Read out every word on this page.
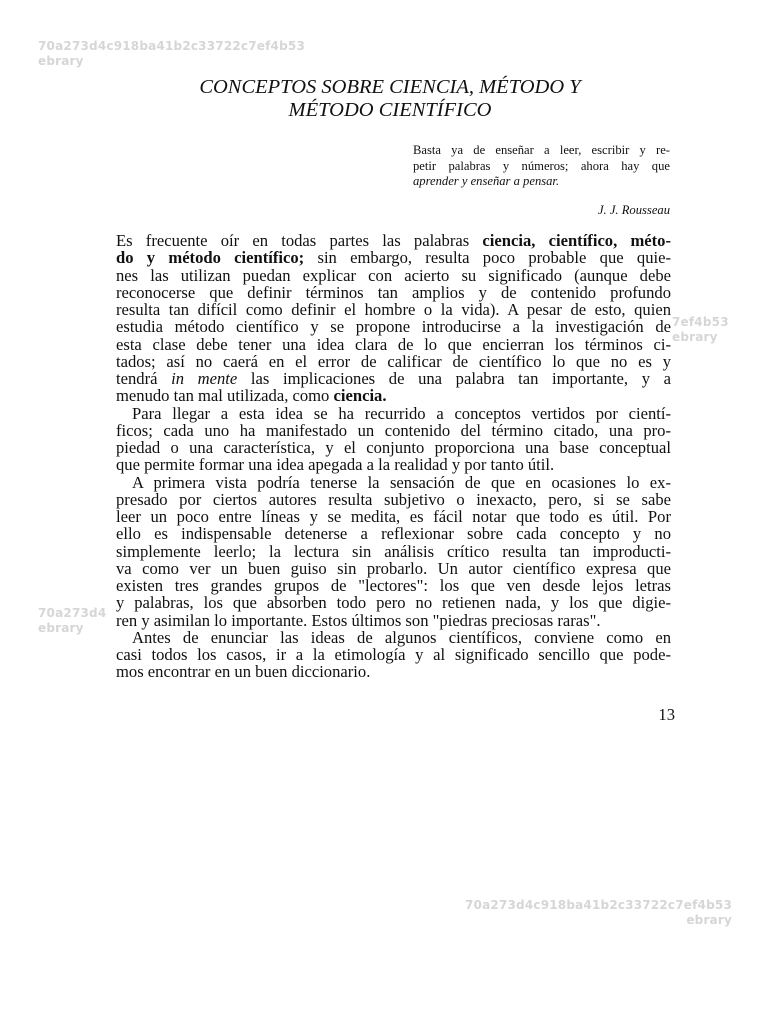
70a273d4c918ba41b2c33722c7ef4b53
ebrary
7ef4b53
ebrary
70a273d4
ebrary
70a273d4c918ba41b2c33722c7ef4b53
ebrary
CONCEPTOS SOBRE CIENCIA, MÉTODO Y
MÉTODO CIENTÍFICO
Basta ya de enseñar a leer, escribir y re-
petir palabras y números; ahora hay que
aprender y enseñar a pensar.
J. J. Rousseau
Es frecuente oír en todas partes las palabras ciencia, científico, méto-
do y método científico; sin embargo, resulta poco probable que quie-
nes las utilizan puedan explicar con acierto su significado (aunque debe
reconocerse que definir términos tan amplios y de contenido profundo
resulta tan difícil como definir el hombre o la vida). A pesar de esto, quien
estudia método científico y se propone introducirse a la investigación de
esta clase debe tener una idea clara de lo que encierran los términos ci-
tados; así no caerá en el error de calificar de científico lo que no es y
tendrá in mente las implicaciones de una palabra tan importante, y a
menudo tan mal utilizada, como ciencia.
Para llegar a esta idea se ha recurrido a conceptos vertidos por cientí-
ficos; cada uno ha manifestado un contenido del término citado, una pro-
piedad o una característica, y el conjunto proporciona una base conceptual
que permite formar una idea apegada a la realidad y por tanto útil.
A primera vista podría tenerse la sensación de que en ocasiones lo ex-
presado por ciertos autores resulta subjetivo o inexacto, pero, si se sabe
leer un poco entre líneas y se medita, es fácil notar que todo es útil. Por
ello es indispensable detenerse a reflexionar sobre cada concepto y no
simplemente leerlo; la lectura sin análisis crítico resulta tan improducti-
va como ver un buen guiso sin probarlo. Un autor científico expresa que
existen tres grandes grupos de "lectores": los que ven desde lejos letras
y palabras, los que absorben todo pero no retienen nada, y los que digie-
ren y asimilan lo importante. Estos últimos son "piedras preciosas raras".
Antes de enunciar las ideas de algunos científicos, conviene como en
casi todos los casos, ir a la etimología y al significado sencillo que pode-
mos encontrar en un buen diccionario.
13
